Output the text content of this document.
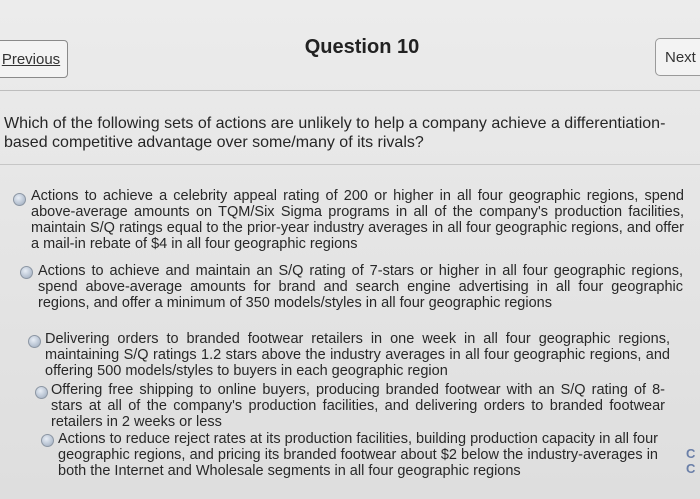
Previous
Question 10	Next
Which of the following sets of actions are unlikely to help a company achieve a differentiation-based competitive advantage over some/many of its rivals?
Actions to achieve a celebrity appeal rating of 200 or higher in all four geographic regions, spend above-average amounts on TQM/Six Sigma programs in all of the company's production facilities, maintain S/Q ratings equal to the prior-year industry averages in all four geographic regions, and offer a mail-in rebate of $4 in all four geographic regions
Actions to achieve and maintain an S/Q rating of 7-stars or higher in all four geographic regions, spend above-average amounts for brand and search engine advertising in all four geographic regions, and offer a minimum of 350 models/styles in all four geographic regions
Delivering orders to branded footwear retailers in one week in all four geographic regions, maintaining S/Q ratings 1.2 stars above the industry averages in all four geographic regions, and offering 500 models/styles to buyers in each geographic region
Offering free shipping to online buyers, producing branded footwear with an S/Q rating of 8-stars at all of the company's production facilities, and delivering orders to branded footwear retailers in 2 weeks or less
Actions to reduce reject rates at its production facilities, building production capacity in all four geographic regions, and pricing its branded footwear about $2 below the industry-averages in both the Internet and Wholesale segments in all four geographic regions
C C
